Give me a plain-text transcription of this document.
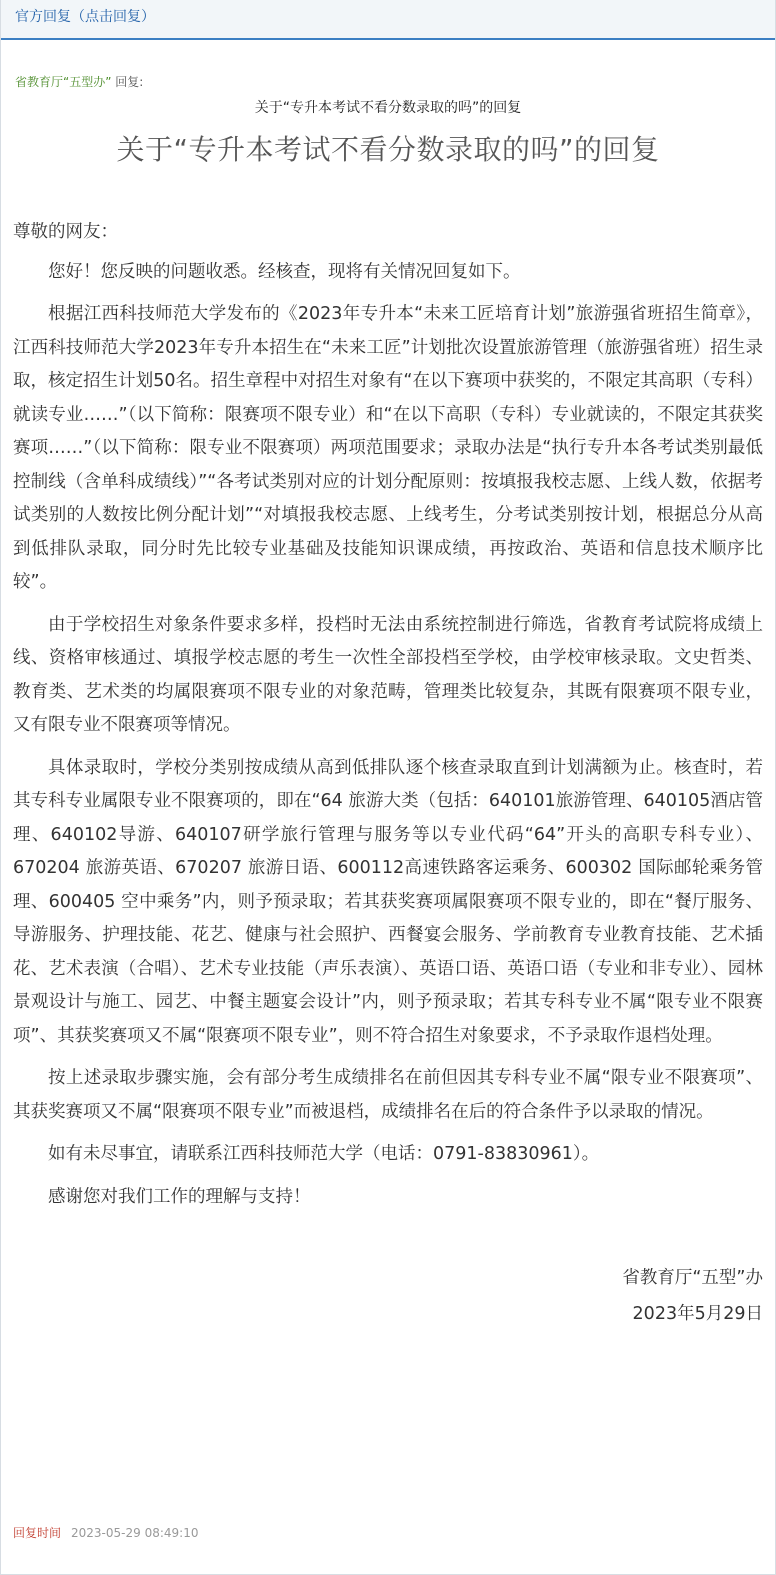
官方回复（点击回复）
省教育厅“五型办” 回复:
关于“专升本考试不看分数录取的吗”的回复
关于“专升本考试不看分数录取的吗”的回复

尊敬的网友：

您好！您反映的问题收悉。经核查，现将有关情况回复如下。

根据江西科技师范大学发布的《2023年专升本“未来工匠培育计划”旅游强省班招生简章》，江西科技师范大学2023年专升本招生在“未来工匠”计划批次设置旅游管理（旅游强省班）招生录取，核定招生计划50名。招生章程中对招生对象有“在以下赛项中获奖的，不限定其高职（专科）就读专业……”（以下简称：限赛项不限专业）和“在以下高职（专科）专业就读的，不限定其获奖赛项……”（以下简称：限专业不限赛项）两项范围要求；录取办法是“执行专升本各考试类别最低控制线（含单科成绩线）”“各考试类别对应的计划分配原则：按填报我校志愿、上线人数，依据考试类别的人数按比例分配计划”“对填报我校志愿、上线考生，分考试类别按计划，根据总分从高到低排队录取，同分时先比较专业基础及技能知识课成绩，再按政治、英语和信息技术顺序比较”。

由于学校招生对象条件要求多样，投档时无法由系统控制进行筛选，省教育考试院将成绩上线、资格审核通过、填报学校志愿的考生一次性全部投档至学校，由学校审核录取。文史哲类、教育类、艺术类的均属限赛项不限专业的对象范畴，管理类比较复杂，其既有限赛项不限专业，又有限专业不限赛项等情况。

具体录取时，学校分类别按成绩从高到低排队逐个核查录取直到计划满额为止。核查时，若其专科专业属限专业不限赛项的，即在“64 旅游大类（包括：640101旅游管理、640105酒店管理、640102导游、640107研学旅行管理与服务等以专业代码“64”开头的高职专科专业）、670204 旅游英语、670207 旅游日语、600112高速铁路客运乘务、600302 国际邮轮乘务管理、600405 空中乘务”内，则予预录取；若其获奖赛项属限赛项不限专业的，即在“餐厅服务、导游服务、护理技能、花艺、健康与社会照护、西餐宴会服务、学前教育专业教育技能、艺术插花、艺术表演（合唱）、艺术专业技能（声乐表演）、英语口语、英语口语（专业和非专业）、园林景观设计与施工、园艺、中餐主题宴会设计”内，则予预录取；若其专科专业不属“限专业不限赛项”、其获奖赛项又不属“限赛项不限专业”，则不符合招生对象要求，不予录取作退档处理。

按上述录取步骤实施，会有部分考生成绩排名在前但因其专科专业不属“限专业不限赛项”、其获奖赛项又不属“限赛项不限专业”而被退档，成绩排名在后的符合条件予以录取的情况。

如有未尽事宜，请联系江西科技师范大学（电话：0791-83830961）。

感谢您对我们工作的理解与支持！

省教育厅“五型”办
2023年5月29日
回复时间 2023-05-29 08:49:10
